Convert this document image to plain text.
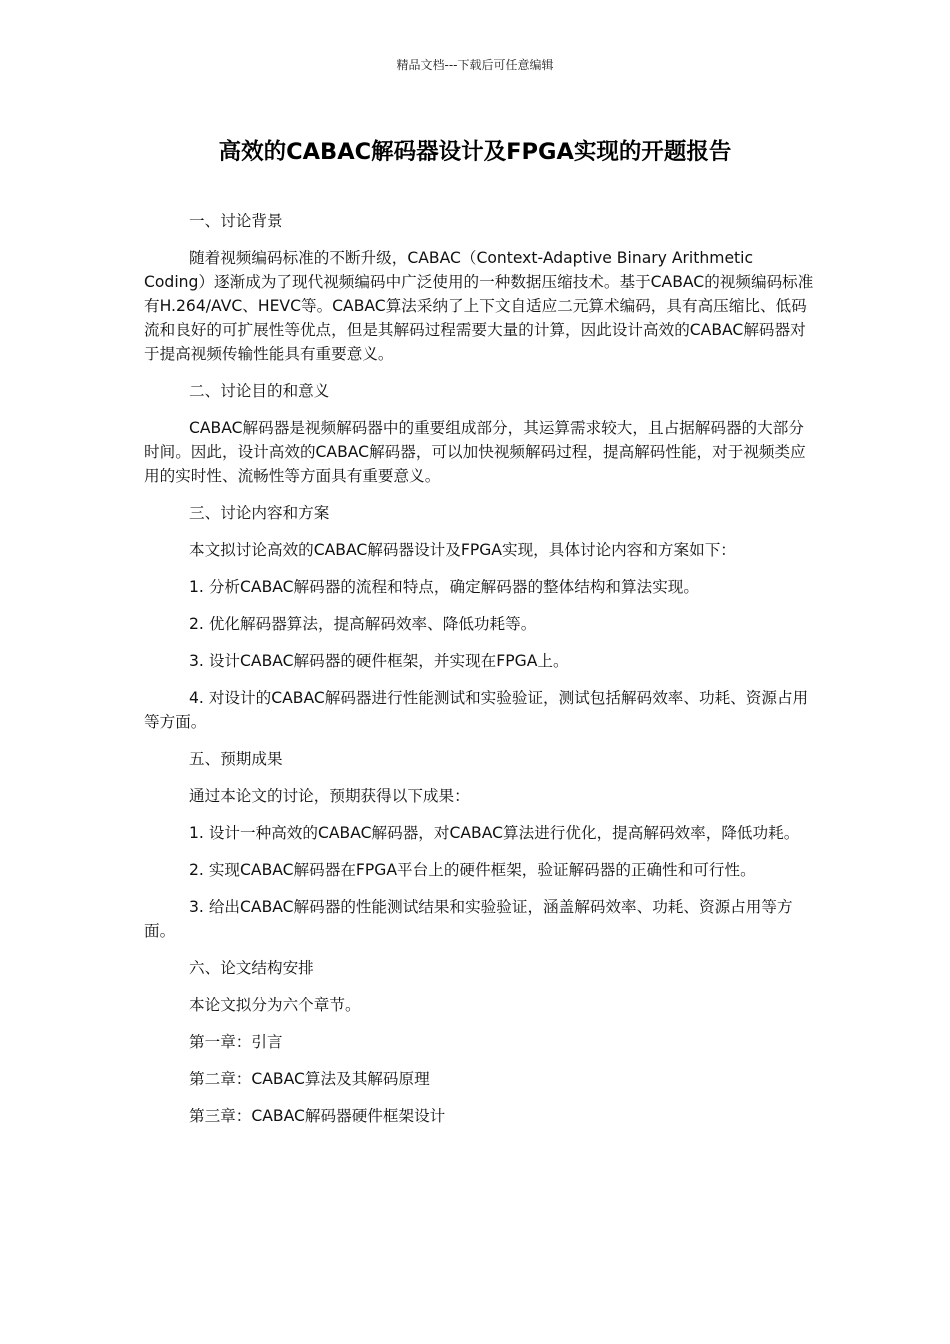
精品文档---下载后可任意编辑
高效的CABAC解码器设计及FPGA实现的开题报告

一、讨论背景

随着视频编码标准的不断升级，CABAC（Context-Adaptive Binary Arithmetic Coding）逐渐成为了现代视频编码中广泛使用的一种数据压缩技术。基于CABAC的视频编码标准有H.264/AVC、HEVC等。CABAC算法采纳了上下文自适应二元算术编码，具有高压缩比、低码流和良好的可扩展性等优点，但是其解码过程需要大量的计算，因此设计高效的CABAC解码器对于提高视频传输性能具有重要意义。

二、讨论目的和意义

CABAC解码器是视频解码器中的重要组成部分，其运算需求较大，且占据解码器的大部分时间。因此，设计高效的CABAC解码器，可以加快视频解码过程，提高解码性能，对于视频类应用的实时性、流畅性等方面具有重要意义。

三、讨论内容和方案

本文拟讨论高效的CABAC解码器设计及FPGA实现，具体讨论内容和方案如下：

1. 分析CABAC解码器的流程和特点，确定解码器的整体结构和算法实现。

2. 优化解码器算法，提高解码效率、降低功耗等。

3. 设计CABAC解码器的硬件框架，并实现在FPGA上。

4. 对设计的CABAC解码器进行性能测试和实验验证，测试包括解码效率、功耗、资源占用等方面。

五、预期成果

通过本论文的讨论，预期获得以下成果：

1. 设计一种高效的CABAC解码器，对CABAC算法进行优化，提高解码效率，降低功耗。

2. 实现CABAC解码器在FPGA平台上的硬件框架，验证解码器的正确性和可行性。

3. 给出CABAC解码器的性能测试结果和实验验证，涵盖解码效率、功耗、资源占用等方面。

六、论文结构安排

本论文拟分为六个章节。

第一章：引言

第二章：CABAC算法及其解码原理

第三章：CABAC解码器硬件框架设计
